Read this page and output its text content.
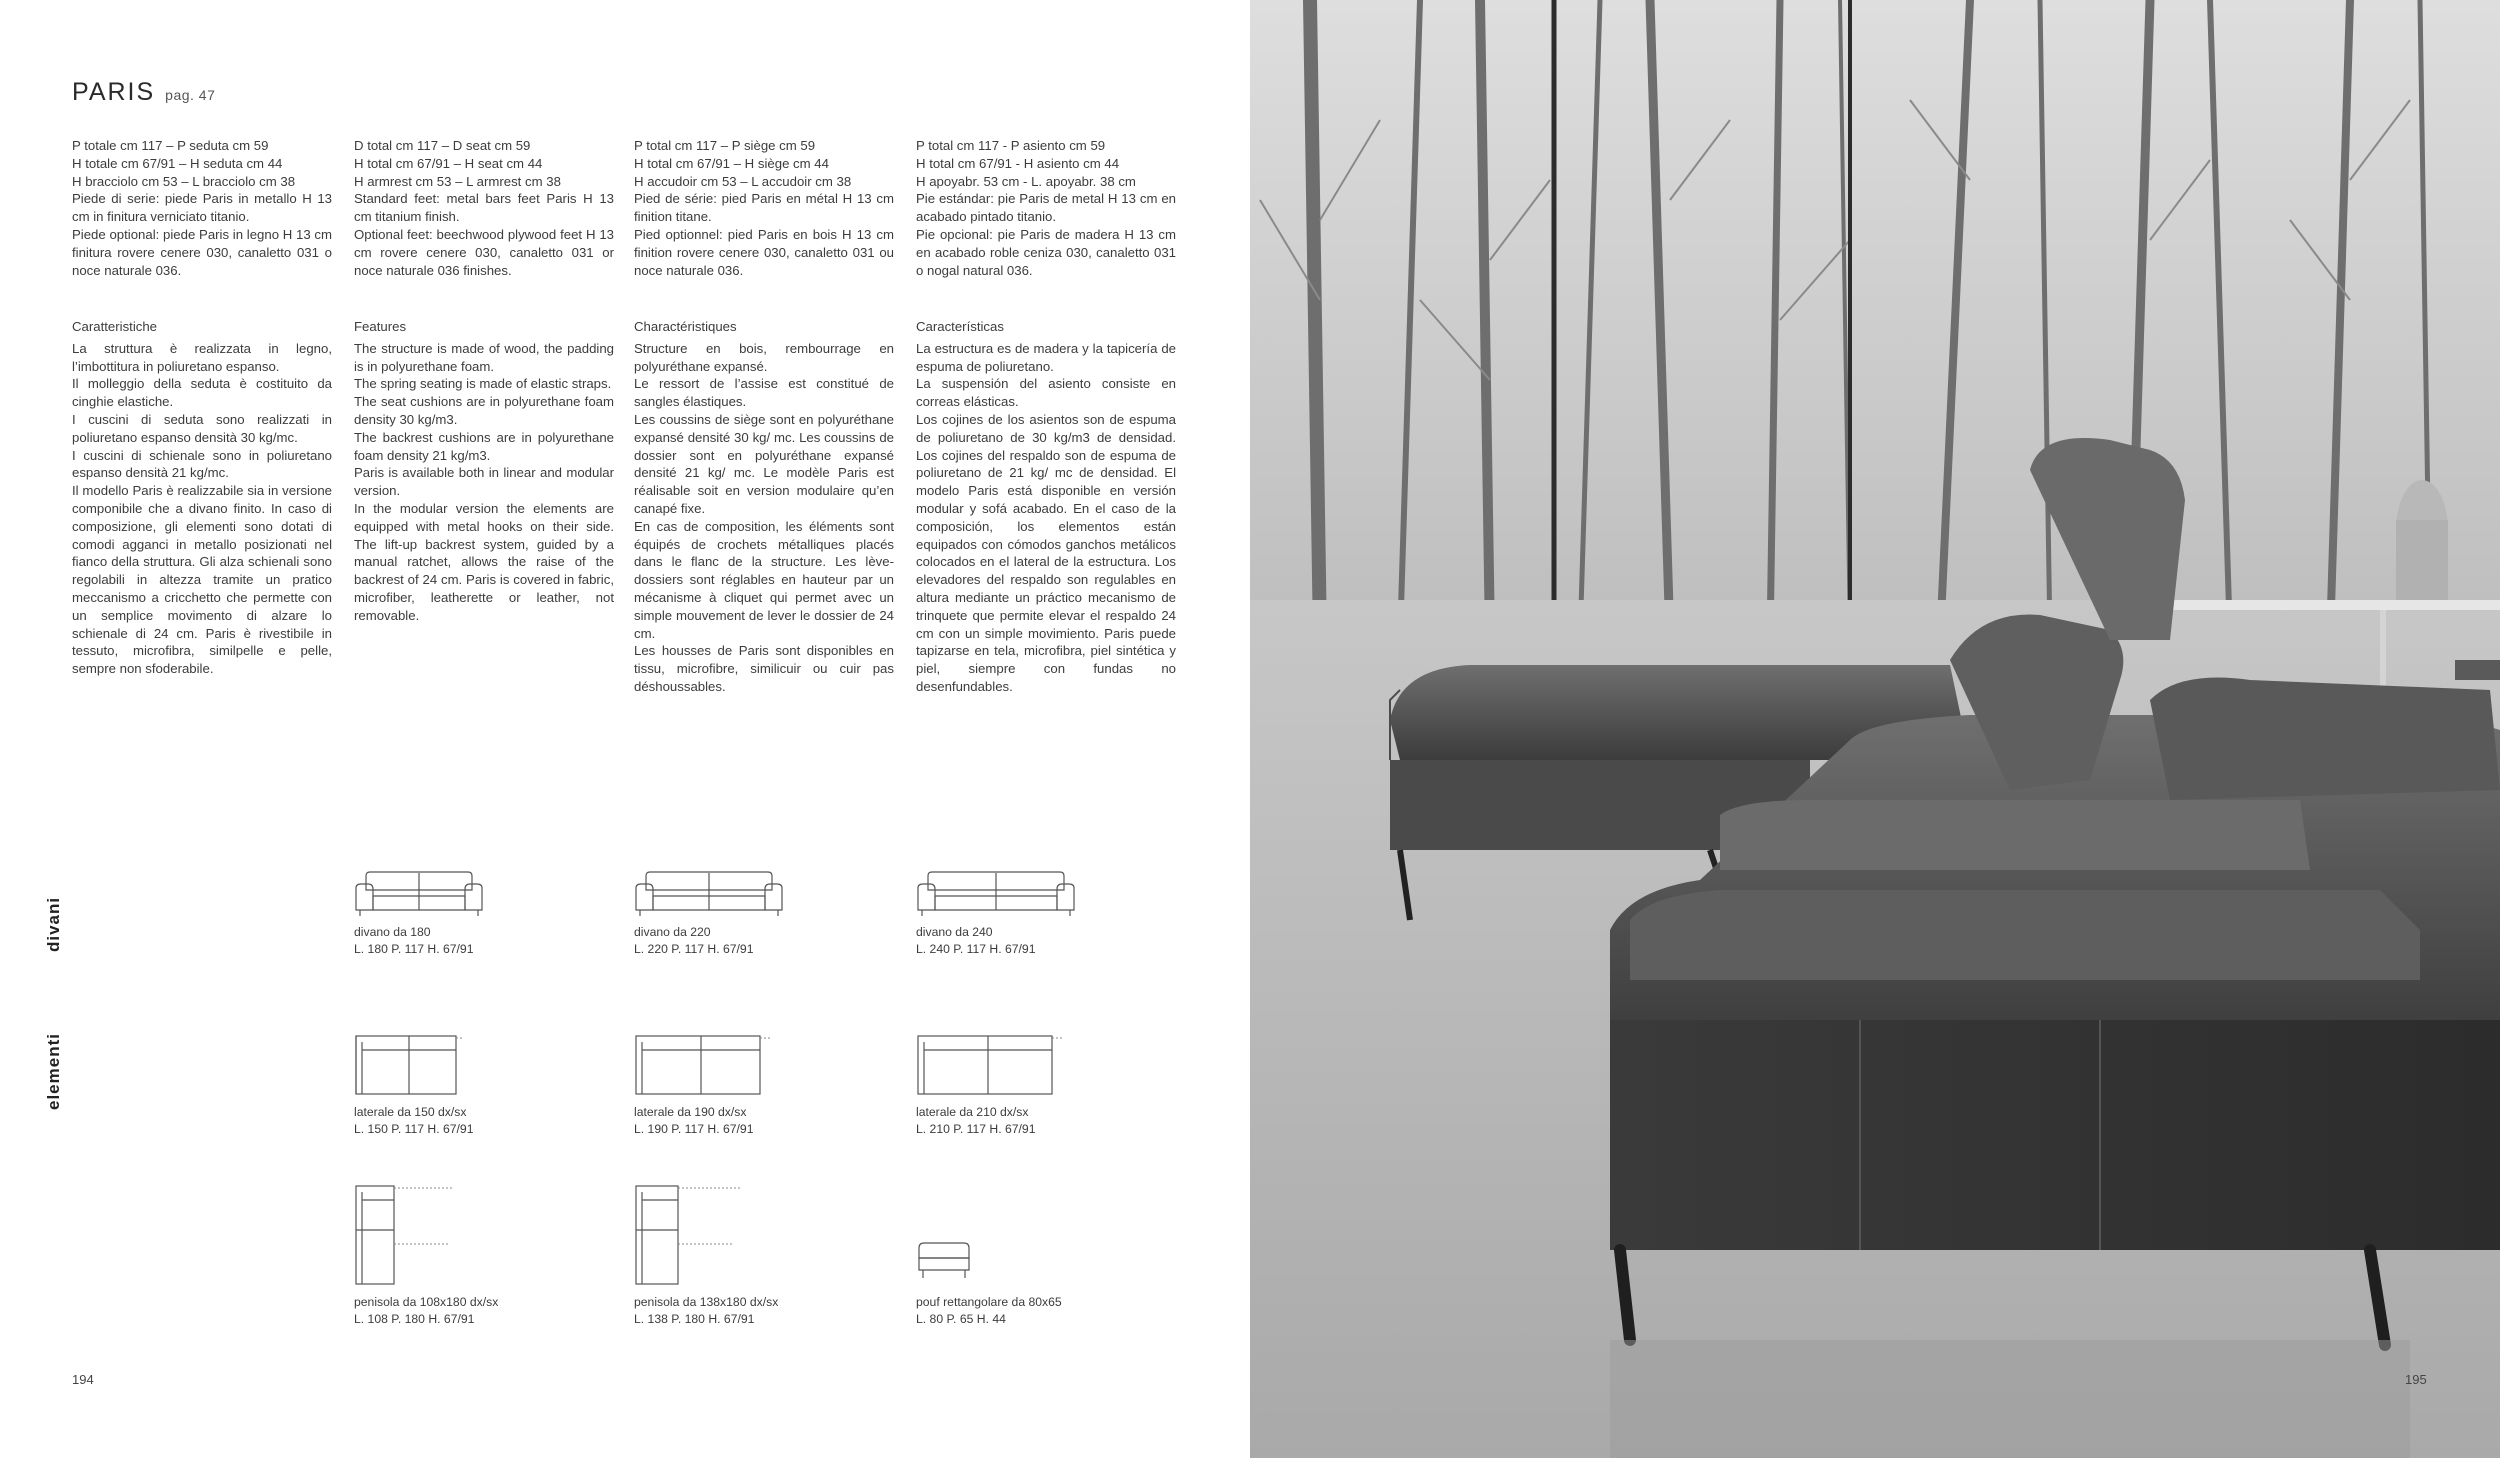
PARIS pag. 47

P totale cm 117 – P seduta cm 59

H totale cm 67/91 – H seduta cm 44

H bracciolo cm 53 – L bracciolo cm 38

Piede di serie: piede Paris in metallo H 13 cm in finitura verniciato titanio.

Piede optional: piede Paris in legno H 13 cm finitura rovere cenere 030, canaletto 031 o noce naturale 036.

D total cm 117 – D seat cm 59

H total cm 67/91 – H seat cm 44

H armrest cm 53 – L armrest cm 38

Standard feet: metal bars feet Paris H 13 cm titanium finish.

Optional feet: beechwood plywood feet H 13 cm rovere cenere 030, canaletto 031 or noce naturale 036 finishes.

P total cm 117 – P siège cm 59

H total cm 67/91 – H siège cm 44

H accudoir cm 53 – L accudoir cm 38

Pied de série: pied Paris en métal H 13 cm finition titane.

Pied optionnel: pied Paris en bois H 13 cm finition rovere cenere 030, canaletto 031 ou noce naturale 036.

P total cm 117 - P asiento cm 59

H total cm 67/91 - H asiento cm 44

H apoyabr. 53 cm - L. apoyabr. 38 cm

Pie estándar: pie Paris de metal H 13 cm en acabado pintado titanio.

Pie opcional: pie Paris de madera H 13 cm en acabado roble ceniza 030, canaletto 031 o nogal natural 036.

Caratteristiche

La struttura è realizzata in legno, l’imbottitura in poliuretano espanso.

Il molleggio della seduta è costituito da cinghie elastiche.

I cuscini di seduta sono realizzati in poliuretano espanso densità 30 kg/mc.

I cuscini di schienale sono in poliuretano espanso densità 21 kg/mc.

Il modello Paris è realizzabile sia in versione componibile che a divano finito. In caso di composizione, gli elementi sono dotati di comodi agganci in metallo posizionati nel fianco della struttura. Gli alza schienali sono regolabili in altezza tramite un pratico meccanismo a cricchetto che permette con un semplice movimento di alzare lo schienale di 24 cm. Paris è rivestibile in tessuto, microfibra, similpelle e pelle, sempre non sfoderabile.

Features

The structure is made of wood, the padding is in polyurethane foam.

The spring seating is made of elastic straps.

The seat cushions are in polyurethane foam density 30 kg/m3.

The backrest cushions are in polyurethane foam density 21 kg/m3.

Paris is available both in linear and modular version.

In the modular version the elements are equipped with metal hooks on their side. The lift-up backrest system, guided by a manual ratchet, allows the raise of the backrest of 24 cm. Paris is covered in fabric, microfiber, leatherette or leather, not removable.

Charactéristiques

Structure en bois, rembourrage en polyuréthane expansé.

Le ressort de l’assise est constitué de sangles élastiques.

Les coussins de siège sont en polyuréthane expansé densité 30 kg/ mc. Les coussins de dossier sont en polyuréthane expansé densité 21 kg/ mc. Le modèle Paris est réalisable soit en version modulaire qu’en canapé fixe.

En cas de composition, les éléments sont équipés de crochets métalliques placés dans le flanc de la structure. Les lève-dossiers sont réglables en hauteur par un mécanisme à cliquet qui permet avec un simple mouvement de lever le dossier de 24 cm.

Les housses de Paris sont disponibles en tissu, microfibre, similicuir ou cuir pas déshoussables.

Características

La estructura es de madera y la tapicería de espuma de poliuretano.

La suspensión del asiento consiste en correas elásticas.

Los cojines de los asientos son de espuma de poliuretano de 30 kg/m3 de densidad. Los cojines del respaldo son de espuma de poliuretano de 21 kg/ mc de densidad. El modelo Paris está disponible en versión modular y sofá acabado. En el caso de la composición, los elementos están equipados con cómodos ganchos metálicos colocados en el lateral de la estructura. Los elevadores del respaldo son regulables en altura mediante un práctico mecanismo de trinquete que permite elevar el respaldo 24 cm con un simple movimiento. Paris puede tapizarse en tela, microfibra, piel sintética y piel, siempre con fundas no desenfundables.

divani
elementi
divano da 180
L. 180 P. 117 H. 67/91
divano da 220
L. 220 P. 117 H. 67/91
divano da 240
L. 240 P. 117 H. 67/91
laterale da 150 dx/sx
L. 150 P. 117 H. 67/91
laterale da 190 dx/sx
L. 190 P. 117 H. 67/91
laterale da 210 dx/sx
L. 210 P. 117 H. 67/91
penisola da 108x180 dx/sx
L. 108 P. 180 H. 67/91
penisola da 138x180 dx/sx
L. 138 P. 180 H. 67/91
pouf rettangolare da 80x65
L. 80 P. 65 H. 44
194	195
